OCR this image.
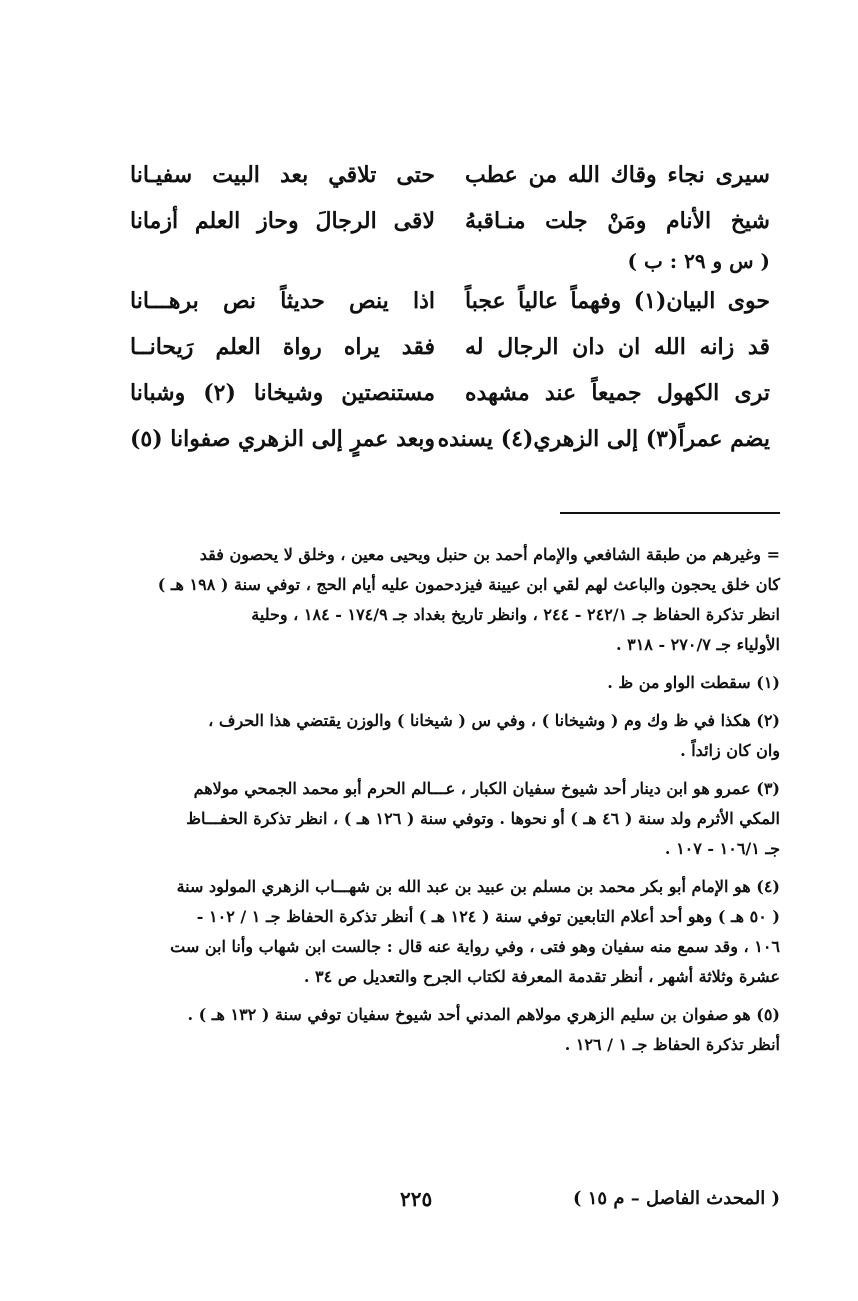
سيرى نجاء وقاك الله من عطب
حتى تلاقي بعد البيت سفيـانا
شيخ الأنام ومَنْ جلت منـاقبهُ
لاقى الرجالَ وحاز العلم أزمانا
( س و ٢٩ : ب )
حوى البيان(١) وفهماً عالياً عجباً
اذا ينص حديثاً نص برهـــانا
قد زانه الله ان دان الرجال له
فقد يراه رواة العلم رَيحانــا
ترى الكهول جميعاً عند مشهده
مستنصتين وشيخانا (٢) وشبانا
يضم عمراً(٣) إلى الزهري(٤) يسنده
وبعد عمرٍ إلى الزهري صفوانا (٥)
= وغيرهم من طبقة الشافعي والإمام أحمد بن حنبل ويحيى معين ، وخلق لا يحصون فقد
كان خلق يحجون والباعث لهم لقي ابن عيينة فيزدحمون عليه أيام الحج ، توفي سنة ( ١٩٨ هـ )
انظر تذكرة الحفاظ جـ ٢٤٢/١ - ٢٤٤ ، وانظر تاريخ بغداد جـ ١٧٤/٩ - ١٨٤ ، وحلية
الأولياء جـ ٢٧٠/٧ - ٣١٨ .
(١) سقطت الواو من ظ .
(٢) هكذا في ظ وك وم ( وشيخانا ) ، وفي س ( شيخانا ) والوزن يقتضي هذا الحرف ،
وان كان زائداً .
(٣) عمرو هو ابن دينار أحد شيوخ سفيان الكبار ، عـــالم الحرم أبو محمد الجمحي مولاهم
المكي الأثرم ولد سنة ( ٤٦ هـ ) أو نحوها . وتوفي سنة ( ١٢٦ هـ ) ، انظر تذكرة الحفـــاظ
جـ ١٠٦/١ - ١٠٧ .
(٤) هو الإمام أبو بكر محمد بن مسلم بن عبيد بن عبد الله بن شهـــاب الزهري المولود سنة
( ٥٠ هـ ) وهو أحد أعلام التابعين توفي سنة ( ١٢٤ هـ ) أنظر تذكرة الحفاظ جـ ١ / ١٠٢ -
١٠٦ ، وقد سمع منه سفيان وهو فتى ، وفي رواية عنه قال : جالست ابن شهاب وأنا ابن ست
عشرة وثلاثة أشهر ، أنظر تقدمة المعرفة لكتاب الجرح والتعديل ص ٣٤ .
(٥) هو صفوان بن سليم الزهري مولاهم المدني أحد شيوخ سفيان توفي سنة ( ١٣٢ هـ ) .
أنظر تذكرة الحفاظ جـ ١ / ١٢٦ .
( المحدث الفاصل – م ١٥ )
٢٢٥
